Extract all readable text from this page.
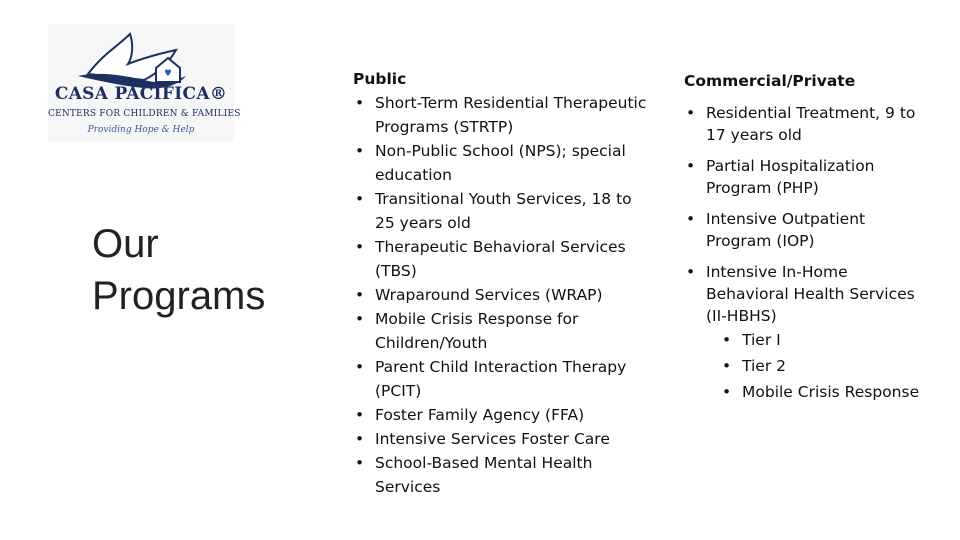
CASA PACIFICA®
CENTERS FOR CHILDREN & FAMILIES
Providing Hope & Help
Our
Programs
Public
• Short-Term Residential Therapeutic Programs (STRTP)
• Non-Public School (NPS); special education
• Transitional Youth Services, 18 to 25 years old
• Therapeutic Behavioral Services (TBS)
• Wraparound Services (WRAP)
• Mobile Crisis Response for Children/Youth
• Parent Child Interaction Therapy (PCIT)
• Foster Family Agency (FFA)
• Intensive Services Foster Care
• School-Based Mental Health Services
Commercial/Private
• Residential Treatment, 9 to 17 years old
• Partial Hospitalization Program (PHP)
• Intensive Outpatient Program (IOP)
• Intensive In-Home Behavioral Health Services (II-HBHS)
• Tier I
• Tier 2
• Mobile Crisis Response
